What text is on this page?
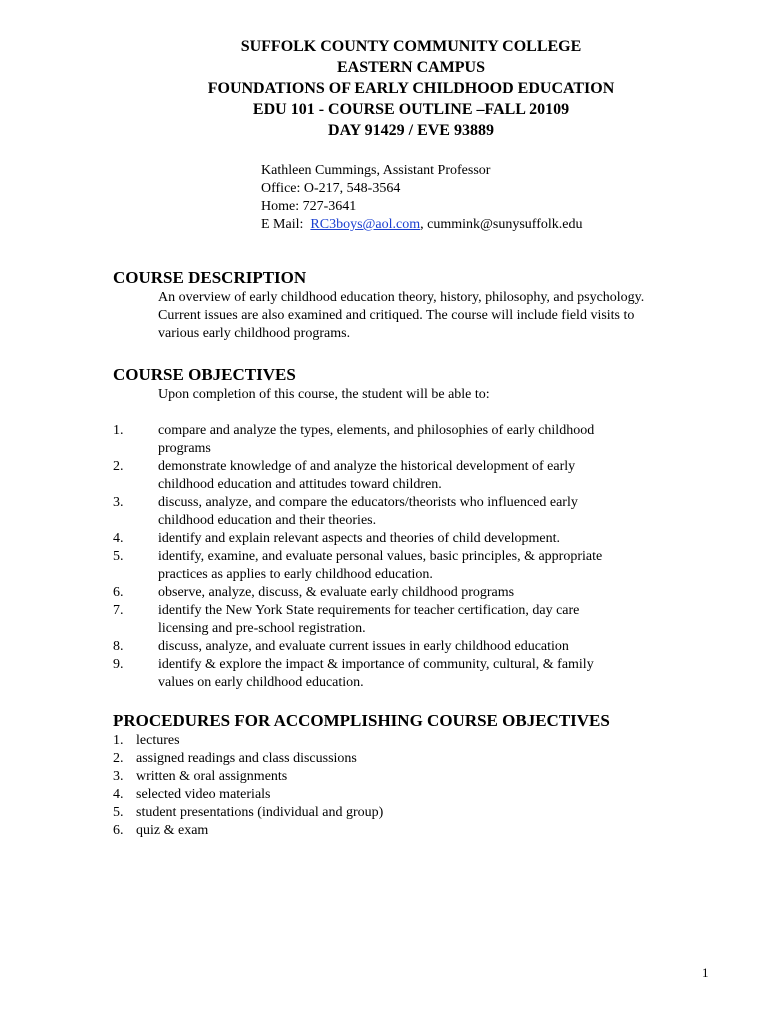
SUFFOLK COUNTY COMMUNITY COLLEGE
EASTERN CAMPUS
FOUNDATIONS OF EARLY CHILDHOOD EDUCATION
EDU 101 - COURSE OUTLINE –FALL 20109
DAY 91429 / EVE 93889
Kathleen Cummings, Assistant Professor
Office: O-217, 548-3564
Home: 727-3641
E Mail: RC3boys@aol.com, cummink@sunysuffolk.edu
COURSE DESCRIPTION
An overview of early childhood education theory, history, philosophy, and psychology.
Current issues are also examined and critiqued. The course will include field visits to
various early childhood programs.
COURSE OBJECTIVES
Upon completion of this course, the student will be able to:
1. compare and analyze the types, elements, and philosophies of early childhood
programs
2. demonstrate knowledge of and analyze the historical development of early
childhood education and attitudes toward children.
3. discuss, analyze, and compare the educators/theorists who influenced early
childhood education and their theories.
4. identify and explain relevant aspects and theories of child development.
5. identify, examine, and evaluate personal values, basic principles, & appropriate
practices as applies to early childhood education.
6. observe, analyze, discuss, & evaluate early childhood programs
7. identify the New York State requirements for teacher certification, day care
licensing and pre-school registration.
8. discuss, analyze, and evaluate current issues in early childhood education
9. identify & explore the impact & importance of community, cultural, & family
values on early childhood education.
PROCEDURES FOR ACCOMPLISHING COURSE OBJECTIVES
1. lectures
2. assigned readings and class discussions
3. written & oral assignments
4. selected video materials
5. student presentations (individual and group)
6. quiz & exam
1
